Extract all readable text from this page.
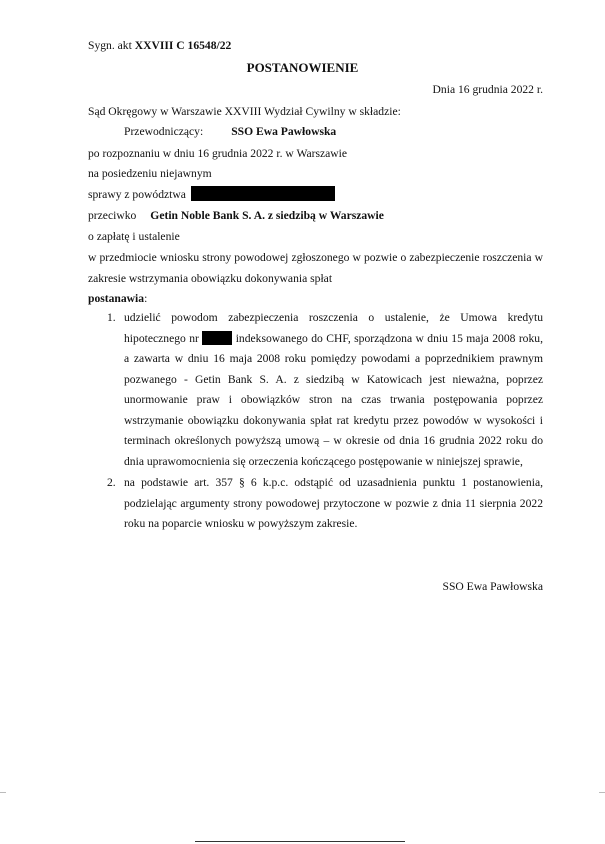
Sygn. akt XXVIII C 16548/22
POSTANOWIENIE
Dnia 16 grudnia 2022 r.
Sąd Okręgowy w Warszawie XXVIII Wydział Cywilny w składzie:
Przewodniczący: SSO Ewa Pawłowska
po rozpoznaniu w dniu 16 grudnia 2022 r. w Warszawie
na posiedzeniu niejawnym
sprawy z powództwa
przeciwko Getin Noble Bank S. A. z siedzibą w Warszawie
o zapłatę i ustalenie
w przedmiocie wniosku strony powodowej zgłoszonego w pozwie o zabezpieczenie roszczenia w zakresie wstrzymania obowiązku dokonywania spłat
postanawia:
1. udzielić powodom zabezpieczenia roszczenia o ustalenie, że Umowa kredytu hipotecznego nr	indeksowanego do CHF, sporządzona w dniu 15 maja 2008 roku, a zawarta w dniu 16 maja 2008 roku pomiędzy powodami a poprzednikiem prawnym pozwanego - Getin Bank S. A. z siedzibą w Katowicach jest nieważna, poprzez unormowanie praw i obowiązków stron na czas trwania postępowania poprzez wstrzymanie obowiązku dokonywania spłat rat kredytu przez powodów w wysokości i terminach określonych powyższą umową – w okresie od dnia 16 grudnia 2022 roku do dnia uprawomocnienia się orzeczenia kończącego postępowanie w niniejszej sprawie,
2. na podstawie art. 357 § 6 k.p.c. odstąpić od uzasadnienia punktu 1 postanowienia, podzielając argumenty strony powodowej przytoczone w pozwie z dnia 11 sierpnia 2022 roku na poparcie wniosku w powyższym zakresie.
SSO Ewa Pawłowska
